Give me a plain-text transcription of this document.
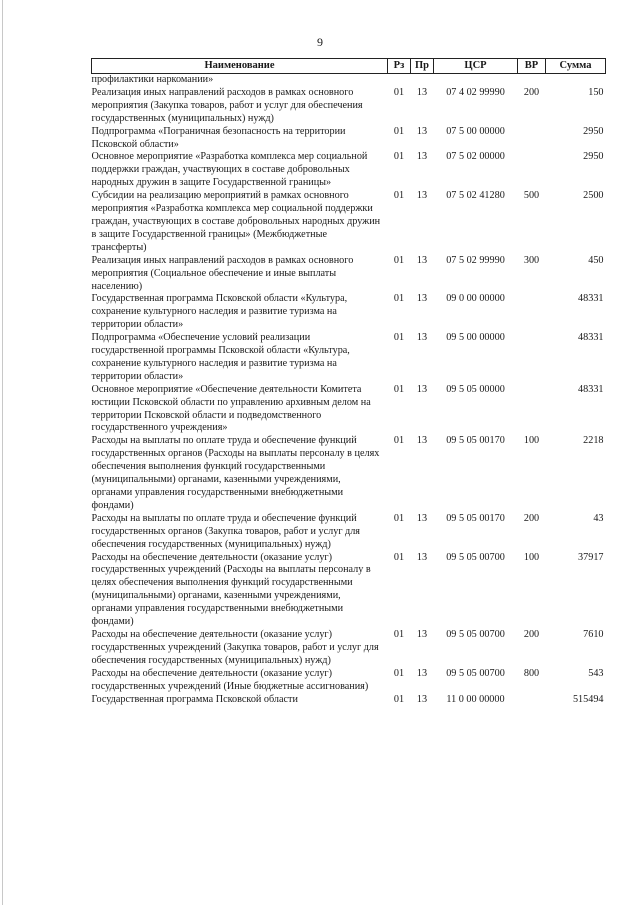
9
Наименование	Рз	Пр	ЦСР	ВР	Сумма
профилактики наркомании»					
Реализация иных направлений расходов в рамках основного мероприятия (Закупка товаров, работ и услуг для обеспечения государственных (муниципальных) нужд)	01	13	07 4 02 99990	200	150
Подпрограмма «Пограничная безопасность на территории Псковской области»	01	13	07 5 00 00000		2950
Основное мероприятие «Разработка комплекса мер социальной поддержки граждан, участвующих в составе добровольных народных дружин в защите Государственной границы»	01	13	07 5 02 00000		2950
Субсидии на реализацию мероприятий в рамках основного мероприятия «Разработка комплекса мер социальной поддержки граждан, участвующих в составе добровольных народных дружин в защите Государственной границы» (Межбюджетные трансферты)	01	13	07 5 02 41280	500	2500
Реализация иных направлений расходов в рамках основного мероприятия (Социальное обеспечение и иные выплаты населению)	01	13	07 5 02 99990	300	450
Государственная программа Псковской области «Культура, сохранение культурного наследия и развитие туризма на территории области»	01	13	09 0 00 00000		48331
Подпрограмма «Обеспечение условий реализации государственной программы Псковской области «Культура, сохранение культурного наследия и развитие туризма на территории области»	01	13	09 5 00 00000		48331
Основное мероприятие «Обеспечение деятельности Комитета юстиции Псковской области по управлению архивным делом на территории Псковской области и подведомственного государственного учреждения»	01	13	09 5 05 00000		48331
Расходы на выплаты по оплате труда и обеспечение функций государственных органов (Расходы на выплаты персоналу в целях обеспечения выполнения функций государственными (муниципальными) органами, казенными учреждениями, органами управления государственными внебюджетными фондами)	01	13	09 5 05 00170	100	2218
Расходы на выплаты по оплате труда и обеспечение функций государственных органов (Закупка товаров, работ и услуг для обеспечения государственных (муниципальных) нужд)	01	13	09 5 05 00170	200	43
Расходы на обеспечение деятельности (оказание услуг) государственных учреждений (Расходы на выплаты персоналу в целях обеспечения выполнения функций государственными (муниципальными) органами, казенными учреждениями, органами управления государственными внебюджетными фондами)	01	13	09 5 05 00700	100	37917
Расходы на обеспечение деятельности (оказание услуг) государственных учреждений (Закупка товаров, работ и услуг для обеспечения государственных (муниципальных) нужд)	01	13	09 5 05 00700	200	7610
Расходы на обеспечение деятельности (оказание услуг) государственных учреждений (Иные бюджетные ассигнования)	01	13	09 5 05 00700	800	543
Государственная программа Псковской области	01	13	11 0 00 00000		515494
